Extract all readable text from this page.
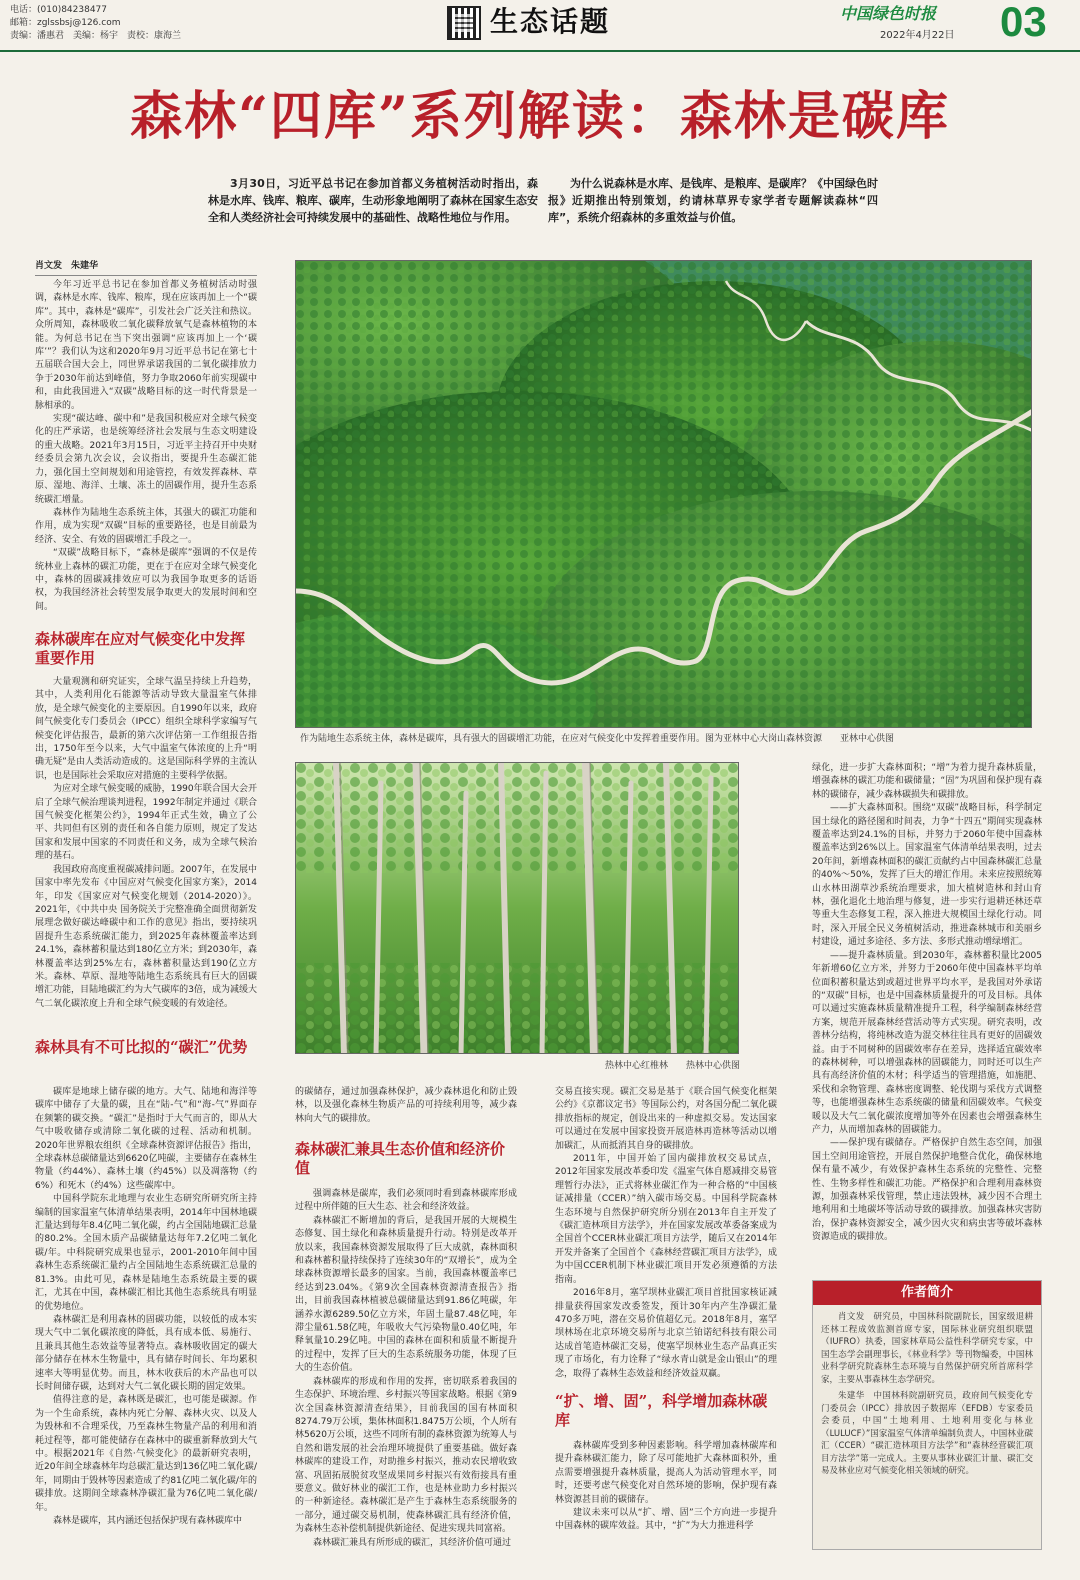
电话：(010)84238477
邮箱：zglssbsj@126.com
责编：潘惠君　美编：杨宇　责校：康海兰	生态话题	中国绿色时报
2022年4月22日 03
森林“四库”系列解读：森林是碳库
3月30日，习近平总书记在参加首都义务植树活动时指出，森林是水库、钱库、粮库、碳库，生动形象地阐明了森林在国家生态安全和人类经济社会可持续发展中的基础性、战略性地位与作用。
为什么说森林是水库、是钱库、是粮库、是碳库？《中国绿色时报》近期推出特别策划，约请林草界专家学者专题解读森林“四库”，系统介绍森林的多重效益与价值。
肖文发　朱建华

今年习近平总书记在参加首都义务植树活动时强调，森林是水库、钱库、粮库，现在应该再加上一个“碳库”。其中，森林是“碳库”，引发社会广泛关注和热议。众所周知，森林吸收二氧化碳释放氧气是森林植物的本能。为何总书记在当下突出强调“应该再加上一个‘碳库’”？我们认为这和2020年9月习近平总书记在第七十五届联合国大会上，同世界承诺我国的二氧化碳排放力争于2030年前达到峰值，努力争取2060年前实现碳中和，由此我国进入“双碳”战略目标的这一时代背景是一脉相承的。

实现“碳达峰、碳中和”是我国积极应对全球气候变化的庄严承诺，也是统筹经济社会发展与生态文明建设的重大战略。2021年3月15日，习近平主持召开中央财经委员会第九次会议，会议指出，要提升生态碳汇能力，强化国土空间规划和用途管控，有效发挥森林、草原、湿地、海洋、土壤、冻土的固碳作用，提升生态系统碳汇增量。

森林作为陆地生态系统主体，其强大的碳汇功能和作用，成为实现“双碳”目标的重要路径，也是目前最为经济、安全、有效的固碳增汇手段之一。

“双碳”战略目标下，“森林是碳库”强调的不仅是传统林业上森林的碳汇功能，更在于在应对全球气候变化中，森林的固碳减排效应可以为我国争取更多的话语权，为我国经济社会转型发展争取更大的发展时间和空间。

森林碳库在应对气候变化中发挥重要作用

大量观测和研究证实，全球气温呈持续上升趋势，其中，人类利用化石能源等活动导致大量温室气体排放，是全球气候变化的主要原因。自1990年以来，政府间气候变化专门委员会（IPCC）组织全球科学家编写气候变化评估报告，最新的第六次评估第一工作组报告指出，1750年至今以来，大气中温室气体浓度的上升“明确无疑”是由人类活动造成的。这是国际科学界的主流认识，也是国际社会采取应对措施的主要科学依据。

为应对全球气候变暖的威胁，1990年联合国大会开启了全球气候治理谈判进程，1992年制定并通过《联合国气候变化框架公约》，1994年正式生效，确立了公平、共同但有区别的责任和各自能力原则，规定了发达国家和发展中国家的不同责任和义务，成为全球气候治理的基石。

我国政府高度重视碳减排问题。2007年，在发展中国家中率先发布《中国应对气候变化国家方案》，2014年，印发《国家应对气候变化规划（2014-2020）》。2021年，《中共中央 国务院关于完整准确全面贯彻新发展理念做好碳达峰碳中和工作的意见》指出，要持续巩固提升生态系统碳汇能力，到2025年森林覆盖率达到24.1%，森林蓄积量达到180亿立方米；到2030年，森林覆盖率达到25%左右，森林蓄积量达到190亿立方米。森林、草原、湿地等陆地生态系统具有巨大的固碳增汇功能，目陆地碳汇约为大气碳库的3倍，成为减缓大气二氧化碳浓度上升和全球气候变暖的有效途径。

森林具有不可比拟的“碳汇”优势

碳库是地球上储存碳的地方。大气、陆地和海洋等碳库中储存了大量的碳，且在“陆-气”和“海-气”界面存在频繁的碳交换。“碳汇”是指时于大气而言的，即从大气中吸收储存或清除二氧化碳的过程、活动和机制。2020年世界粮农组织《全球森林资源评估报告》指出，全球森林总碳储量达到6620亿吨碳，主要储存在森林生物量（约44%）、森林土壤（约45%）以及凋落物（约6%）和死木（约4%）这些碳库中。

中国科学院东北地理与农业生态研究所研究所主持编制的国家温室气体清单结果表明，2014年中国林地碳汇量达到每年8.4亿吨二氧化碳，约占全国陆地碳汇总量的80.2%。全国木质产品碳储量达每年7.2亿吨二氧化碳/年。中科院研究成果也显示，2001-2010年间中国森林生态系统碳汇量约占全国陆地生态系统碳汇总量的81.3%。由此可见，森林是陆地生态系统最主要的碳汇，尤其在中国，森林碳汇相比其他生态系统具有明显的优势地位。

森林碳汇是利用森林的固碳功能，以较低的成本实现大气中二氧化碳浓度的降低，具有成本低、易施行、且兼具其他生态效益等显著特点。森林吸收固定的碳大部分储存在林木生物量中，具有储存时间长、年均累积速率大等明显优势。而且，林木收获后的木产品也可以长时间储存碳，达到对大气二氧化碳长期的固定效果。

值得注意的是，森林既是碳汇，也可能是碳源。作为一个生命系统，森林内死亡分解、森林火灾、以及人为毁林和不合理采伐，乃至森林生物量产品的利用和消耗过程等，都可能使储存在森林中的碳重新释放到大气中。根据2021年《自然·气候变化》的最新研究表明，近20年间全球森林年均总碳汇量达到136亿吨二氧化碳/年，同期由于毁林等因素造成了约81亿吨二氧化碳/年的碳排放。这期间全球森林净碳汇量为76亿吨二氧化碳/年。

森林是碳库，其内涵还包括保护现有森林碳库中

的碳储存，通过加强森林保护，减少森林退化和防止毁林，以及强化森林生物质产品的可持续利用等，减少森林向大气的碳排放。

森林碳汇兼具生态价值和经济价值

强调森林是碳库，我们必须同时看到森林碳库形成过程中所伴随的巨大生态、社会和经济效益。

森林碳汇不断增加的背后，是我国开展的大规模生态修复、国土绿化和森林质量提升行动。特别是改革开放以来，我国森林资源发展取得了巨大成就，森林面积和森林蓄积量持续保持了连续30年的“双增长”，成为全球森林资源增长最多的国家。当前，我国森林覆盖率已经达到23.04%。《第9次全国森林资源清查报告》指出，目前我国森林植被总碳储量达到91.86亿吨碳，年涵养水源6289.50亿立方米，年固土量87.48亿吨，年滞尘量61.58亿吨，年吸收大气污染物量0.40亿吨，年释氧量10.29亿吨。中国的森林在面积和质量不断提升的过程中，发挥了巨大的生态系统服务功能，体现了巨大的生态价值。

森林碳库的形成和作用的发挥，密切联系着我国的生态保护、环境治理、乡村振兴等国家战略。根据《第9次全国森林资源清查结果》，目前我国的国有林面积8274.79万公顷，集体林面积1.8475万公顷，个人所有林5620万公顷，这些不同所有制的森林资源为统筹人与自然和谐发展的社会治理环境提供了重要基础。做好森林碳库的建设工作，对助推乡村振兴，推动农民增收致富、巩固拓展脱贫攻坚成果同乡村振兴有效衔接具有重要意义。做好林业的碳汇工作，也是林业助力乡村振兴的一种新途径。森林碳汇是产生于森林生态系统服务的一部分，通过碳交易机制，使森林碳汇具有经济价值，为森林生态补偿机制提供新途径、促进实现共同富裕。

森林碳汇兼具有所形成的碳汇，其经济价值可通过

交易直接实现。碳汇交易是基于《联合国气候变化框架公约》《京都议定书》等国际公约，对各国分配二氧化碳排放指标的规定，创设出来的一种虚拟交易。发达国家可以通过在发展中国家投资开展造林再造林等活动以增加碳汇，从而抵消其自身的碳排放。

2011年，中国开始了国内碳排放权交易试点，2012年国家发展改革委印发《温室气体自愿减排交易管理暂行办法》，正式将林业碳汇作为一种合格的“中国核证减排量（CCER）”纳入碳市场交易。中国科学院森林生态环境与自然保护研究所分别在2013年自主开发了《碳汇造林项目方法学》，并在国家发展改革委备案成为全国首个CCER林业碳汇项目方法学，随后又在2014年开发并备案了全国首个《森林经营碳汇项目方法学》，成为中国CCER机制下林业碳汇项目开发必须遵循的方法指南。

2016年8月，塞罕坝林业碳汇项目首批国家核证减排量获得国家发改委签发，预计30年内产生净碳汇量470多万吨，潜在交易价值超亿元。2018年8月，塞罕坝林场在北京环境交易所与北京兰铂诺纪科技有限公司达成首笔造林碳汇交易，使塞罕坝林业生态产品真正实现了市场化，有力诠释了“绿水青山就是金山银山”的理念，取得了森林生态效益和经济效益双赢。

“扩、增、固”，科学增加森林碳库

森林碳库受到多种因素影响。科学增加森林碳库和提升森林碳汇能力，除了尽可能地扩大森林面积外，重点需要增强提升森林质量，提高人为活动管理水平，同时，还要考虑气候变化对自然环境的影响，保护现有森林资源甚目前的碳储存。

建议未来可以从“扩、增、固”三个方向进一步提升中国森林的碳库效益。其中，“扩”为大力推进科学

绿化，进一步扩大森林面积；“增”为着力提升森林质量，增强森林的碳汇功能和碳储量；“固”为巩固和保护现有森林的碳储存，减少森林碳损失和碳排放。

——扩大森林面积。围绕“双碳”战略目标，科学制定国土绿化的路径图和时间表，力争“十四五”期间实现森林覆盖率达到24.1%的目标，并努力于2060年使中国森林覆盖率达到26%以上。国家温室气体清单结果表明，过去20年间，新增森林面积的碳汇贡献约占中国森林碳汇总量的40%～50%，发挥了巨大的增汇作用。未来应按照统筹山水林田湖草沙系统治理要求，加大植树造林和封山育林，强化退化土地治理与修复，进一步实行退耕还林还草等重大生态修复工程，深入推进大规模国土绿化行动。同时，深入开展全民义务植树活动，推进森林城市和美丽乡村建设，通过多途径、多方法、多形式推动增绿增汇。

——提升森林质量。到2030年，森林蓄积量比2005年新增60亿立方米，并努力于2060年使中国森林平均单位面积蓄积量达到或超过世界平均水平，是我国对外承诺的“双碳”目标，也是中国森林质量提升的可及目标。具体可以通过实施森林质量精准提升工程，科学编制森林经营方案，规范开展森林经营活动等方式实现。研究表明，改善林分结构，将纯林改造为混交林往往具有更好的固碳效益。由于不同树种的固碳效率存在差异，选择适宜碳效率的森林树种，可以增强森林的固碳能力，同时还可以生产具有高经济价值的木材；科学适当的管理措施，如施肥、采伐和余物管理、森林密度调整、轮伐期与采伐方式调整等，也能增强森林生态系统碳的储量和固碳效率。气候变暖以及大气二氧化碳浓度增加等外在因素也会增强森林生产力，从而增加森林的固碳能力。

——保护现有碳储存。严格保护自然生态空间，加强国土空间用途管控，开展自然保护地整合优化，确保林地保有量不减少，有效保护森林生态系统的完整性、完整性、生物多样性和碳汇功能。严格保护和合理利用森林资源，加强森林采伐管理，禁止违法毁林，减少因不合理土地利用和土地碳坏等活动导致的碳排放。加强森林灾害防治，保护森林资源安全，减少因火灾和病虫害等破坏森林资源造成的碳排放。

作为陆地生态系统主体，森林是碳库，具有强大的固碳增汇功能，在应对气候变化中发挥着重要作用。图为亚林中心大岗山森林资源　　亚林中心供图
热林中心红椎林　　热林中心供图
作者简介

肖文发　研究员，中国林科院副院长，国家级退耕还林工程成效监测首席专家，国际林业研究组织联盟（IUFRO）执委，国家林草局公益性科学研究专家，中国生态学会副理事长，《林业科学》等刊物编委，中国林业科学研究院森林生态环境与自然保护研究所首席科学家，主要从事森林生态学研究。

朱建华　中国林科院副研究员，政府间气候变化专门委员会（IPCC）排放因子数据库（EFDB）专家委员会委员，中国“土地利用、土地利用变化与林业（LULUCF）”国家温室气体清单编制负责人，中国林业碳汇（CCER）“碳汇造林项目方法学”和“森林经营碳汇项目方法学”第一完成人。主要从事林业碳汇计量、碳汇交易及林业应对气候变化相关领域的研究。
